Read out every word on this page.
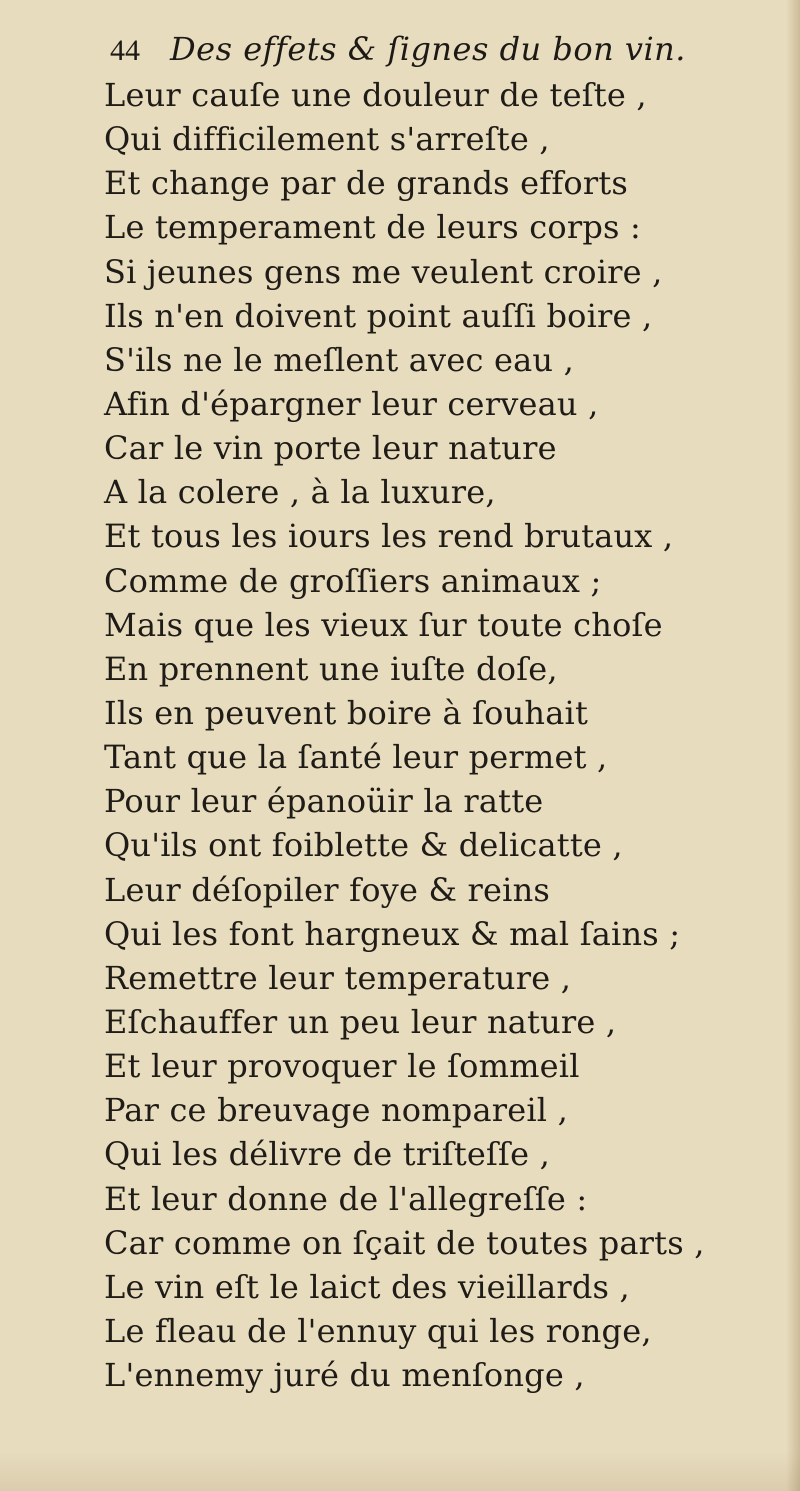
44 Des effets & ſignes du bon vin.
Leur cauſe une douleur de teſte ,
Qui difficilement s'arreſte ,
Et change par de grands efforts
Le temperament de leurs corps :
Si jeunes gens me veulent croire ,
Ils n'en doivent point auſſi boire ,
S'ils ne le meſlent avec eau ,
Afin d'épargner leur cerveau ,
Car le vin porte leur nature
A la colere , à la luxure,
Et tous les iours les rend brutaux ,
Comme de groſſiers animaux ;
Mais que les vieux ſur toute choſe
En prennent une iuſte doſe,
Ils en peuvent boire à ſouhait
Tant que la ſanté leur permet ,
Pour leur épanoüir la ratte
Qu'ils ont foiblette & delicatte ,
Leur déſopiler foye & reins
Qui les font hargneux & mal ſains ;
Remettre leur temperature ,
Eſchauffer un peu leur nature ,
Et leur provoquer le ſommeil
Par ce breuvage nompareil ,
Qui les délivre de triſteſſe ,
Et leur donne de l'allegreſſe :
Car comme on ſçait de toutes parts ,
Le vin eſt le laict des vieillards ,
Le fleau de l'ennuy qui les ronge,
L'ennemy juré du menſonge ,
